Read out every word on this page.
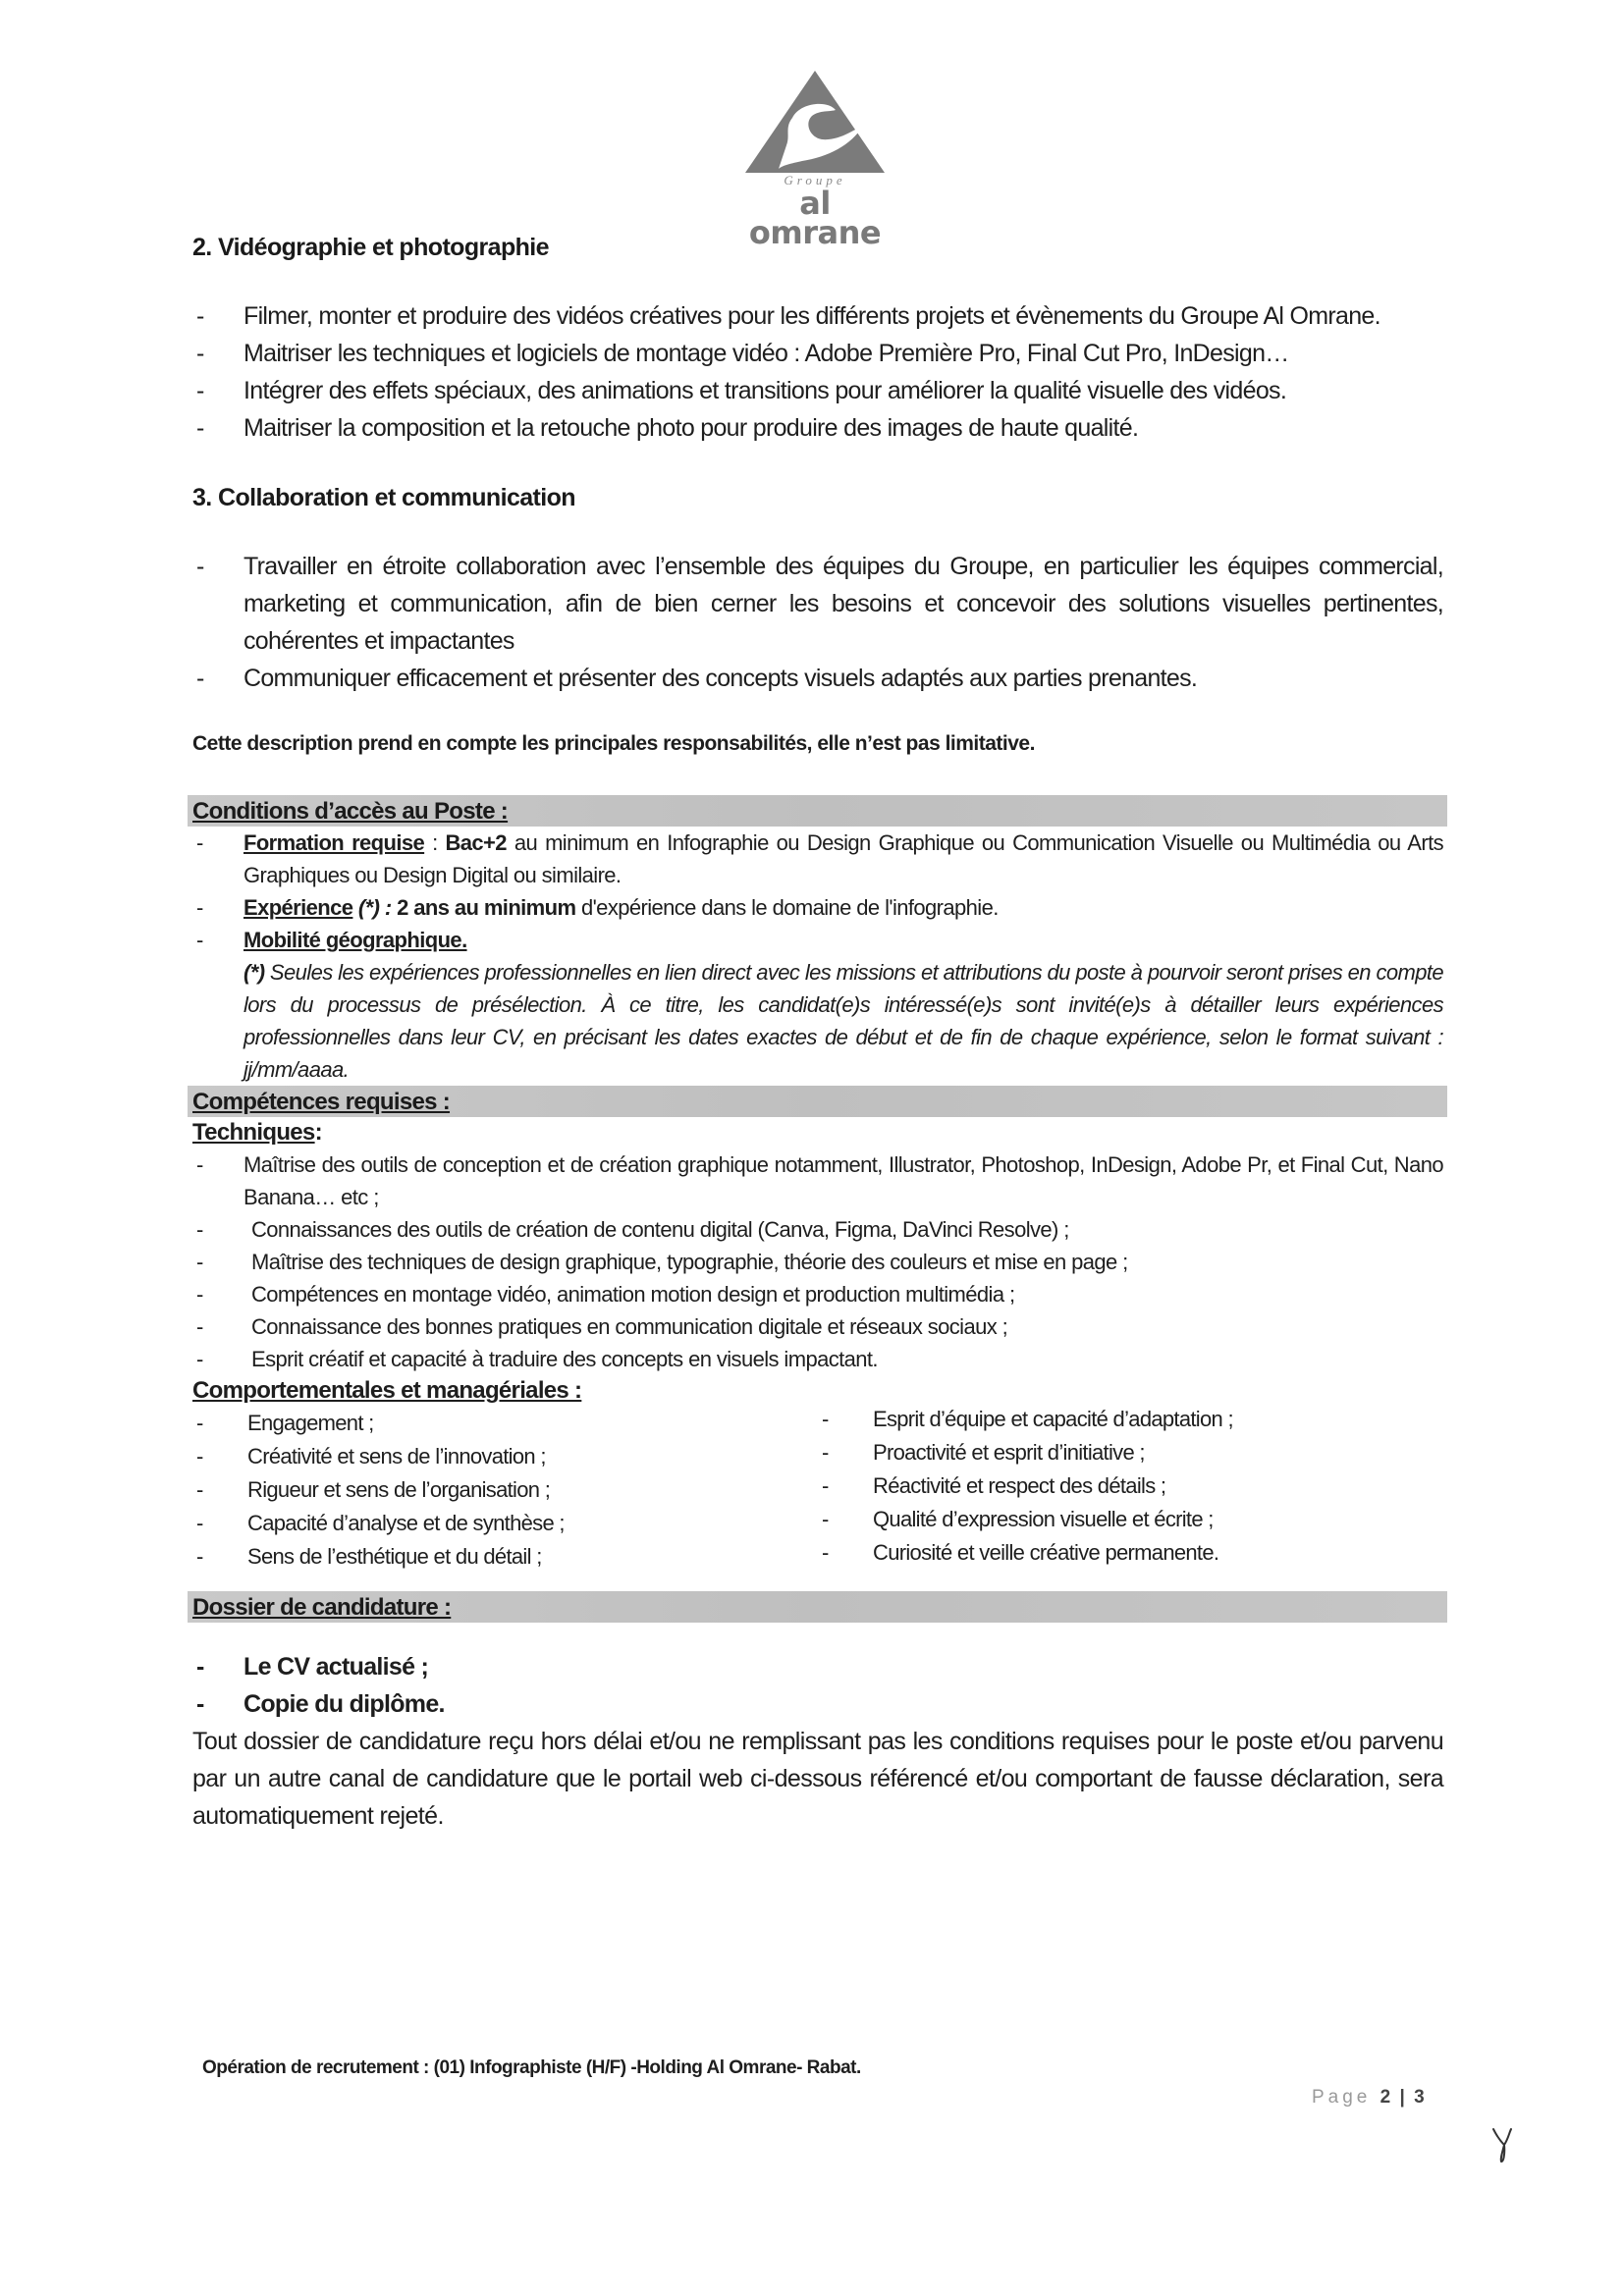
Groupe
al omrane
2. Vidéographie et photographie
- Filmer, monter et produire des vidéos créatives pour les différents projets et évènements du Groupe Al Omrane.
- Maitriser les techniques et logiciels de montage vidéo : Adobe Première Pro, Final Cut Pro, InDesign…
- Intégrer des effets spéciaux, des animations et transitions pour améliorer la qualité visuelle des vidéos.
- Maitriser la composition et la retouche photo pour produire des images de haute qualité.
3. Collaboration et communication
- Travailler en étroite collaboration avec l’ensemble des équipes du Groupe, en particulier les équipes commercial, marketing et communication, afin de bien cerner les besoins et concevoir des solutions visuelles pertinentes, cohérentes et impactantes
- Communiquer efficacement et présenter des concepts visuels adaptés aux parties prenantes.
Cette description prend en compte les principales responsabilités, elle n’est pas limitative.
Conditions d’accès au Poste :
- Formation requise : Bac+2 au minimum en Infographie ou Design Graphique ou Communication Visuelle ou Multimédia ou Arts Graphiques ou Design Digital ou similaire.
- Expérience (*) : 2 ans au minimum d'expérience dans le domaine de l'infographie.
- Mobilité géographique.
(*) Seules les expériences professionnelles en lien direct avec les missions et attributions du poste à pourvoir seront prises en compte lors du processus de présélection. À ce titre, les candidat(e)s intéressé(e)s sont invité(e)s à détailler leurs expériences professionnelles dans leur CV, en précisant les dates exactes de début et de fin de chaque expérience, selon le format suivant : jj/mm/aaaa.
Compétences requises :
Techniques:
- Maîtrise des outils de conception et de création graphique notamment, Illustrator, Photoshop, InDesign, Adobe Pr, et Final Cut, Nano Banana… etc ;
- Connaissances des outils de création de contenu digital (Canva, Figma, DaVinci Resolve) ;
- Maîtrise des techniques de design graphique, typographie, théorie des couleurs et mise en page ;
- Compétences en montage vidéo, animation motion design et production multimédia ;
- Connaissance des bonnes pratiques en communication digitale et réseaux sociaux ;
- Esprit créatif et capacité à traduire des concepts en visuels impactant.
Comportementales et managériales :
- Engagement ;
- Créativité et sens de l’innovation ;
- Rigueur et sens de l’organisation ;
- Capacité d’analyse et de synthèse ;
- Sens de l’esthétique et du détail ;
- Esprit d’équipe et capacité d’adaptation ;
- Proactivité et esprit d’initiative ;
- Réactivité et respect des détails ;
- Qualité d’expression visuelle et écrite ;
- Curiosité et veille créative permanente.
Dossier de candidature :
- Le CV actualisé ;
- Copie du diplôme.
Tout dossier de candidature reçu hors délai et/ou ne remplissant pas les conditions requises pour le poste et/ou parvenu par un autre canal de candidature que le portail web ci-dessous référencé et/ou comportant de fausse déclaration, sera automatiquement rejeté.
Opération de recrutement : (01) Infographiste (H/F) -Holding Al Omrane- Rabat.
Page 2 | 3
